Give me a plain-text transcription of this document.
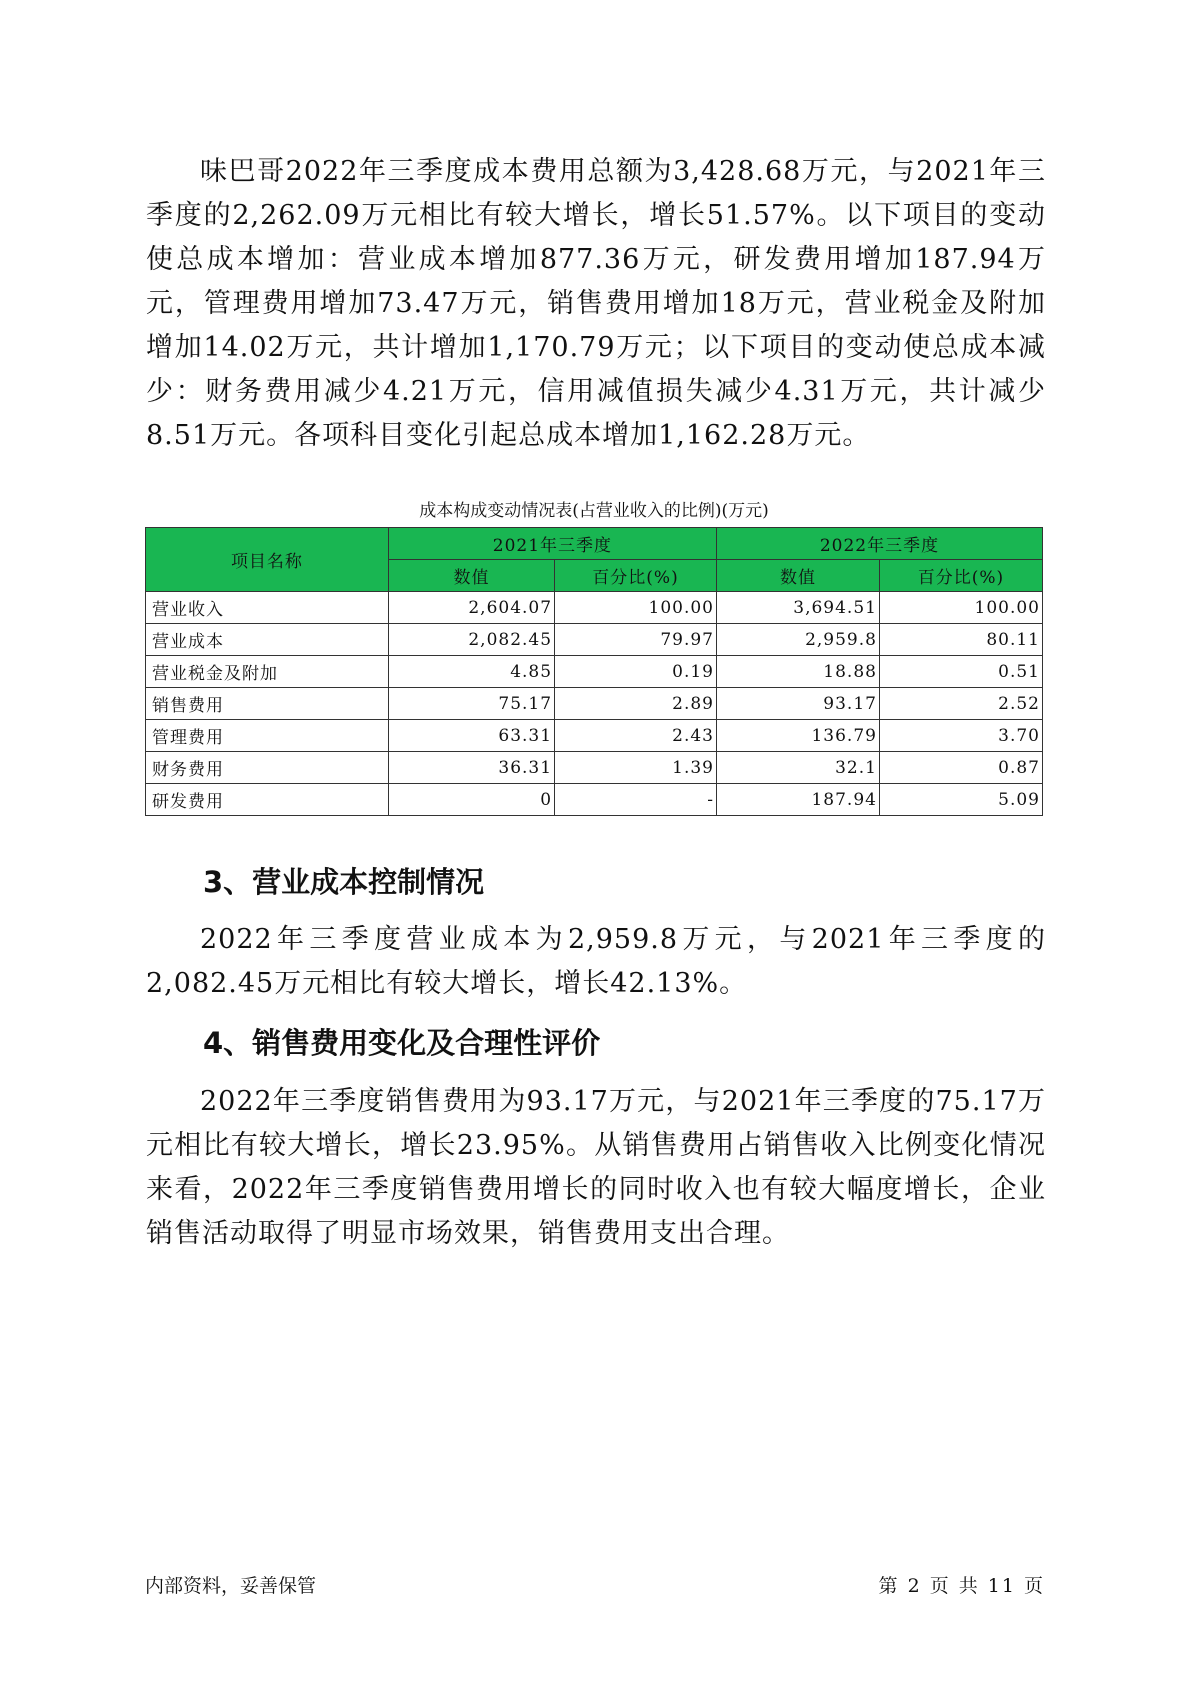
味巴哥2022年三季度成本费用总额为3,428.68万元，与2021年三季度的2,262.09万元相比有较大增长，增长51.57%。以下项目的变动使总成本增加：营业成本增加877.36万元，研发费用增加187.94万元，管理费用增加73.47万元，销售费用增加18万元，营业税金及附加增加14.02万元，共计增加1,170.79万元；以下项目的变动使总成本减少：财务费用减少4.21万元，信用减值损失减少4.31万元，共计减少8.51万元。各项科目变化引起总成本增加1,162.28万元。

成本构成变动情况表(占营业收入的比例)(万元)

项目名称	2021年三季度		2022年三季度	
	数值	百分比(%)	数值	百分比(%)
营业收入	2,604.07	100.00	3,694.51	100.00
营业成本	2,082.45	79.97	2,959.8	80.11
营业税金及附加	4.85	0.19	18.88	0.51
销售费用	75.17	2.89	93.17	2.52
管理费用	63.31	2.43	136.79	3.70
财务费用	36.31	1.39	32.1	0.87
研发费用	0	-	187.94	5.09
3、营业成本控制情况

2022年三季度营业成本为2,959.8万元，与2021年三季度的2,082.45万元相比有较大增长，增长42.13%。

4、销售费用变化及合理性评价

2022年三季度销售费用为93.17万元，与2021年三季度的75.17万元相比有较大增长，增长23.95%。从销售费用占销售收入比例变化情况来看，2022年三季度销售费用增长的同时收入也有较大幅度增长，企业销售活动取得了明显市场效果，销售费用支出合理。

内部资料，妥善保管	第 2 页 共 11 页
